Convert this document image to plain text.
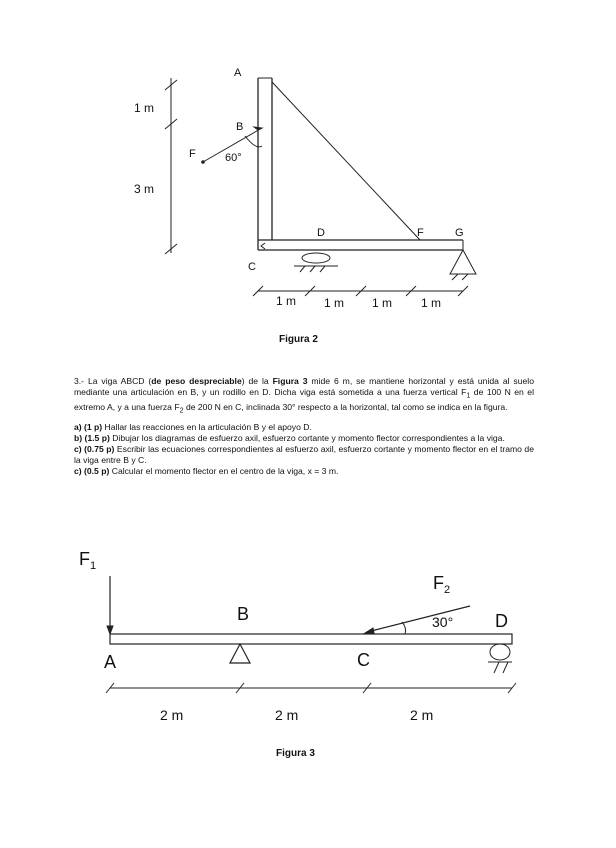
A
B
C
D	F	G
F	60°
1 m
3 m
1 m 1 m 1 m 1 m
$F_1$
$F_2$
A
B
C
D
30°
2 m	2 m	2 m
Figura 2

3.- La viga ABCD (de peso despreciable) de la Figura 3 mide 6 m, se mantiene horizontal y está unida al suelo mediante una articulación en B, y un rodillo en D. Dicha viga está sometida a una fuerza vertical $F_1$ de 100 N en el extremo A, y a una fuerza $F_2$ de 200 N en C, inclinada 30° respecto a la horizontal, tal como se indica en la figura.

a) (1 p) Hallar las reacciones en la articulación B y el apoyo D.

b) (1.5 p) Dibujar los diagramas de esfuerzo axil, esfuerzo cortante y momento flector correspondientes a la viga.

c) (0.75 p) Escribir las ecuaciones correspondientes al esfuerzo axil, esfuerzo cortante y momento flector en el tramo de la viga entre B y C.

c) (0.5 p) Calcular el momento flector en el centro de la viga, x = 3 m.

Figura 3
